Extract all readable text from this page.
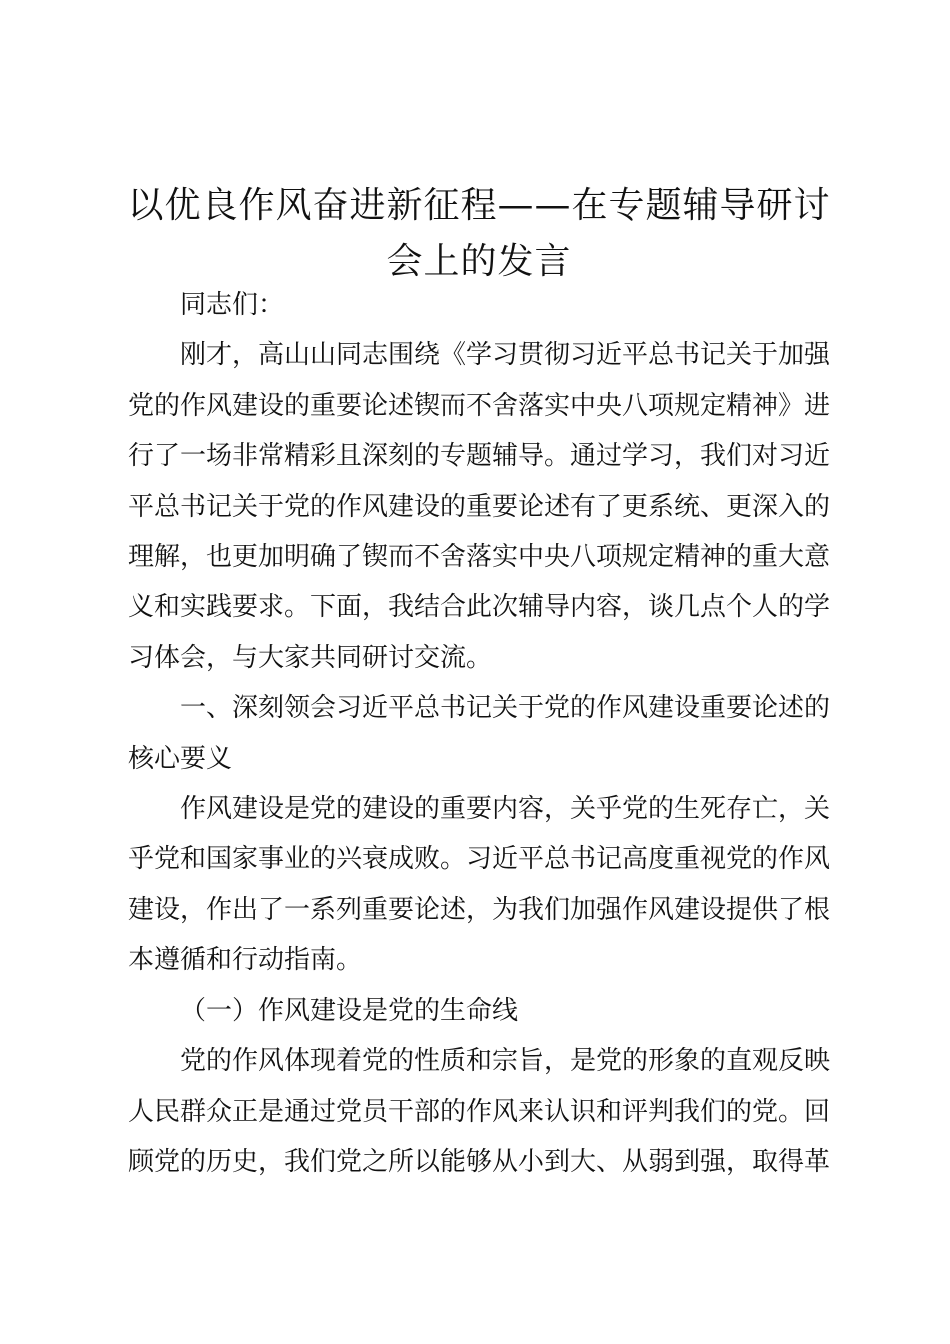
以优良作风奋进新征程——在专题辅导研讨会上的发言

同志们：

刚才，高山山同志围绕《学习贯彻习近平总书记关于加强党的作风建设的重要论述锲而不舍落实中央八项规定精神》进行了一场非常精彩且深刻的专题辅导。通过学习，我们对习近平总书记关于党的作风建设的重要论述有了更系统、更深入的理解，也更加明确了锲而不舍落实中央八项规定精神的重大意义和实践要求。下面，我结合此次辅导内容，谈几点个人的学习体会，与大家共同研讨交流。

一、深刻领会习近平总书记关于党的作风建设重要论述的核心要义

作风建设是党的建设的重要内容，关乎党的生死存亡，关乎党和国家事业的兴衰成败。习近平总书记高度重视党的作风建设，作出了一系列重要论述，为我们加强作风建设提供了根本遵循和行动指南。

（一）作风建设是党的生命线

党的作风体现着党的性质和宗旨，是党的形象的直观反映人民群众正是通过党员干部的作风来认识和评判我们的党。回顾党的历史，我们党之所以能够从小到大、从弱到强，取得革
